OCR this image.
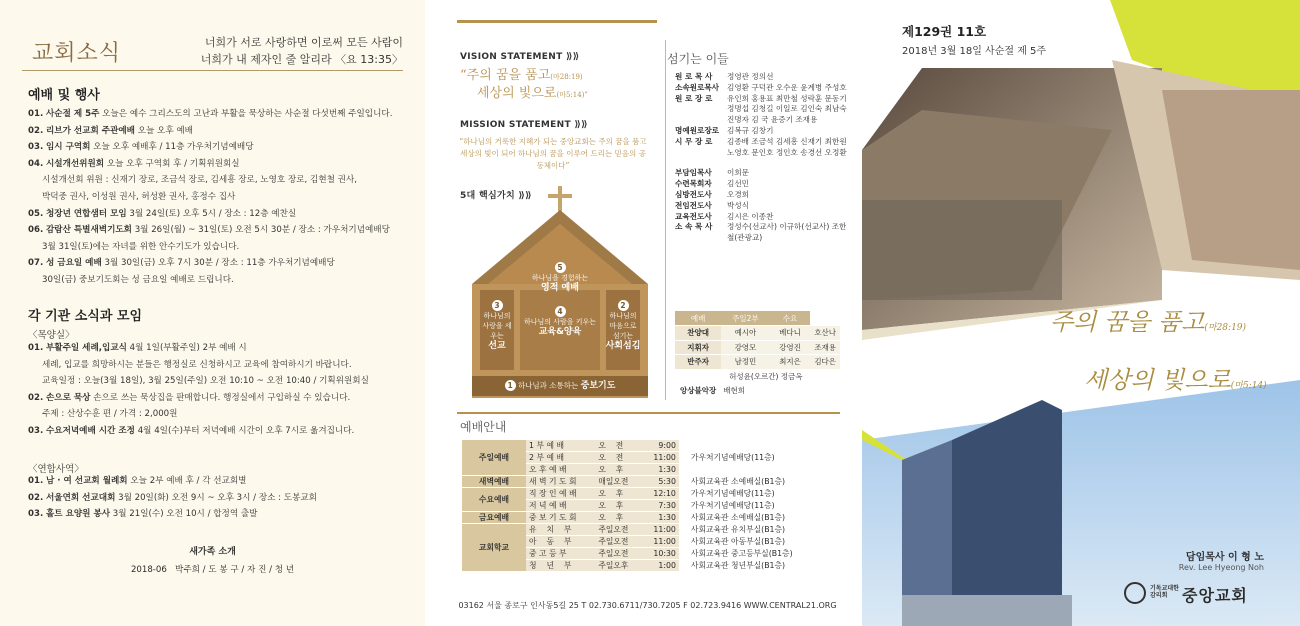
교회소식	너희가 서로 사랑하면 이로써 모든 사람이
너희가 내 제자인 줄 알리라 〈요 13:35〉
예배 및 행사
01. 사순절 제 5주 오늘은 예수 그리스도의 고난과 부활을 묵상하는 사순절 다섯번째 주일입니다.
02. 리브가 선교회 주관예배 오늘 오후 예배
03. 임시 구역회 오늘 오후 예배후 / 11층 가우처기념예배당
04. 시설개선위원회 오늘 오후 구역회 후 / 기획위원회실
시설개선회 위원 : 신재기 장로, 조금석 장로, 김세흥 장로, 노영호 장로, 김현철 권사,
박덕중 권사, 이성원 권사, 허성환 권사, 홍정수 집사
05. 청장년 연합샘터 모임 3월 24일(토) 오후 5시 / 장소 : 12층 예찬실
06. 감람산 특별새벽기도회 3월 26일(월) ~ 31일(토) 오전 5시 30분 / 장소 : 가우처기념예배당
3월 31일(토)에는 자녀를 위한 안수기도가 있습니다.
07. 성 금요일 예배 3월 30일(금) 오후 7시 30분 / 장소 : 11층 가우처기념예배당
30일(금) 중보기도회는 성 금요일 예배로 드립니다.
각 기관 소식과 모임
〈목양실〉
01. 부활주일 세례,입교식 4월 1일(부활주일) 2부 예배 시
세례, 입교를 희망하시는 분들은 행정실로 신청하시고 교육에 참여하시기 바랍니다.
교육일정 : 오늘(3월 18일), 3월 25일(주일) 오전 10:10 ~ 오전 10:40 / 기획위원회실
02. 손으로 묵상 손으로 쓰는 묵상집을 판매합니다. 행정실에서 구입하실 수 있습니다.
주제 : 산상수훈 편 / 가격 : 2,000원
03. 수요저녁예배 시간 조정 4월 4일(수)부터 저녁예배 시간이 오후 7시로 옮겨집니다.
〈연합사역〉
01. 남 · 여 선교회 월례회 오늘 2부 예배 후 / 각 선교회별
02. 서울연회 선교대회 3월 20일(화) 오전 9시 ~ 오후 3시 / 장소 : 도봉교회
03. 홀트 요양원 봉사 3월 21일(수) 오전 10시 / 합정역 출발
새가족 소개
2018-06   박주희 / 도 봉 구 / 자 진 / 청 년
VISION STATEMENT ⟫⟫
“주의 꿈을 품고(마28:19)
세상의 빛으로(마5:14)”
MISSION STATEMENT ⟫⟫
“하나님의 거룩한 지혜가 되는 중앙교회는 주의 꿈을 품고 세상의 빛이 되어 하나님의 꿈을 이루어 드리는 믿음의 공동체이다”
5대 핵심가치 ⟫⟫
5
하나님을 경험하는
영적 예배
4
하나님의 사람을 키우는
교육&양육
3
하나님의 사랑을 세우는
선교
2
하나님의 마음으로 섬기는
사회섬김
1 하나님과 소통하는 중보기도
섬기는 이들
원 로 목 사	정영관 정의선
소속원로목사	김영환 구덕관 오수운 윤계병 주성호
원 로 장 로	유인희 홍용표 최만철 성락훈 문동기 정명섭 김청길 이일로 김인숙 최남숙 진명자 김 국 윤증기 조재용
명예원로장로	김복규 김창기
시 무 장 로	김종배 조금석 김세흥 신재기 최한원 노영호 문인호 정인호 송경선 오정환
부담임목사	이희문
수련목회자	김선민
심방전도사	오경희
전임전도사	박성식
교육전도사	김시은 이종찬
소 속 목 사	정성수(선교사) 이규하(선교사) 조한철(관광교)
예배	주일2부	수요	
찬양대	예시아	베다니	호산나
지휘자	강영모	강영진	조재용
반주자	남정민	최지은	김다은
	허성윤(오르간) 정금옥		
앙상블악장	배현희		
예배안내
주일예배	1 부 예 배	오    전	9:00	
	2 부 예 배	오    전	11:00	가우처기념예배당(11층)
	오 후 예 배	오    후	1:30	
새벽예배	새 벽 기 도 회	매일오전	5:30	사회교육관 소예배실(B1층)
수요예배	직 장 인 예 배	오    후	12:10	가우처기념예배당(11층)
	저 녁 예 배	오    후	7:30	가우처기념예배당(11층)
금요예배	중 보 기 도 회	오    후	1:30	사회교육관 소예배실(B1층)
교회학교	유    치    부	주일오전	11:00	사회교육관 유치부실(B1층)
	아    동    부	주일오전	11:00	사회교육관 아동부실(B1층)
	중 고 등 부	주일오전	10:30	사회교육관 중고등부실(B1층)
	청    년    부	주일오후	1:00	사회교육관 청년부실(B1층)
03162 서울 종로구 인사동5길 25 T 02.730.6711/730.7205 F 02.723.9416 WWW.CENTRAL21.ORG
제129권 11호
2018년 3월 18일 사순절 제 5주
주의 꿈을 품고(마28:19)
세상의 빛으로(마5:14)
담임목사 이 형 노
Rev. Lee Hyeong Noh
기독교대한감리회 중앙교회
